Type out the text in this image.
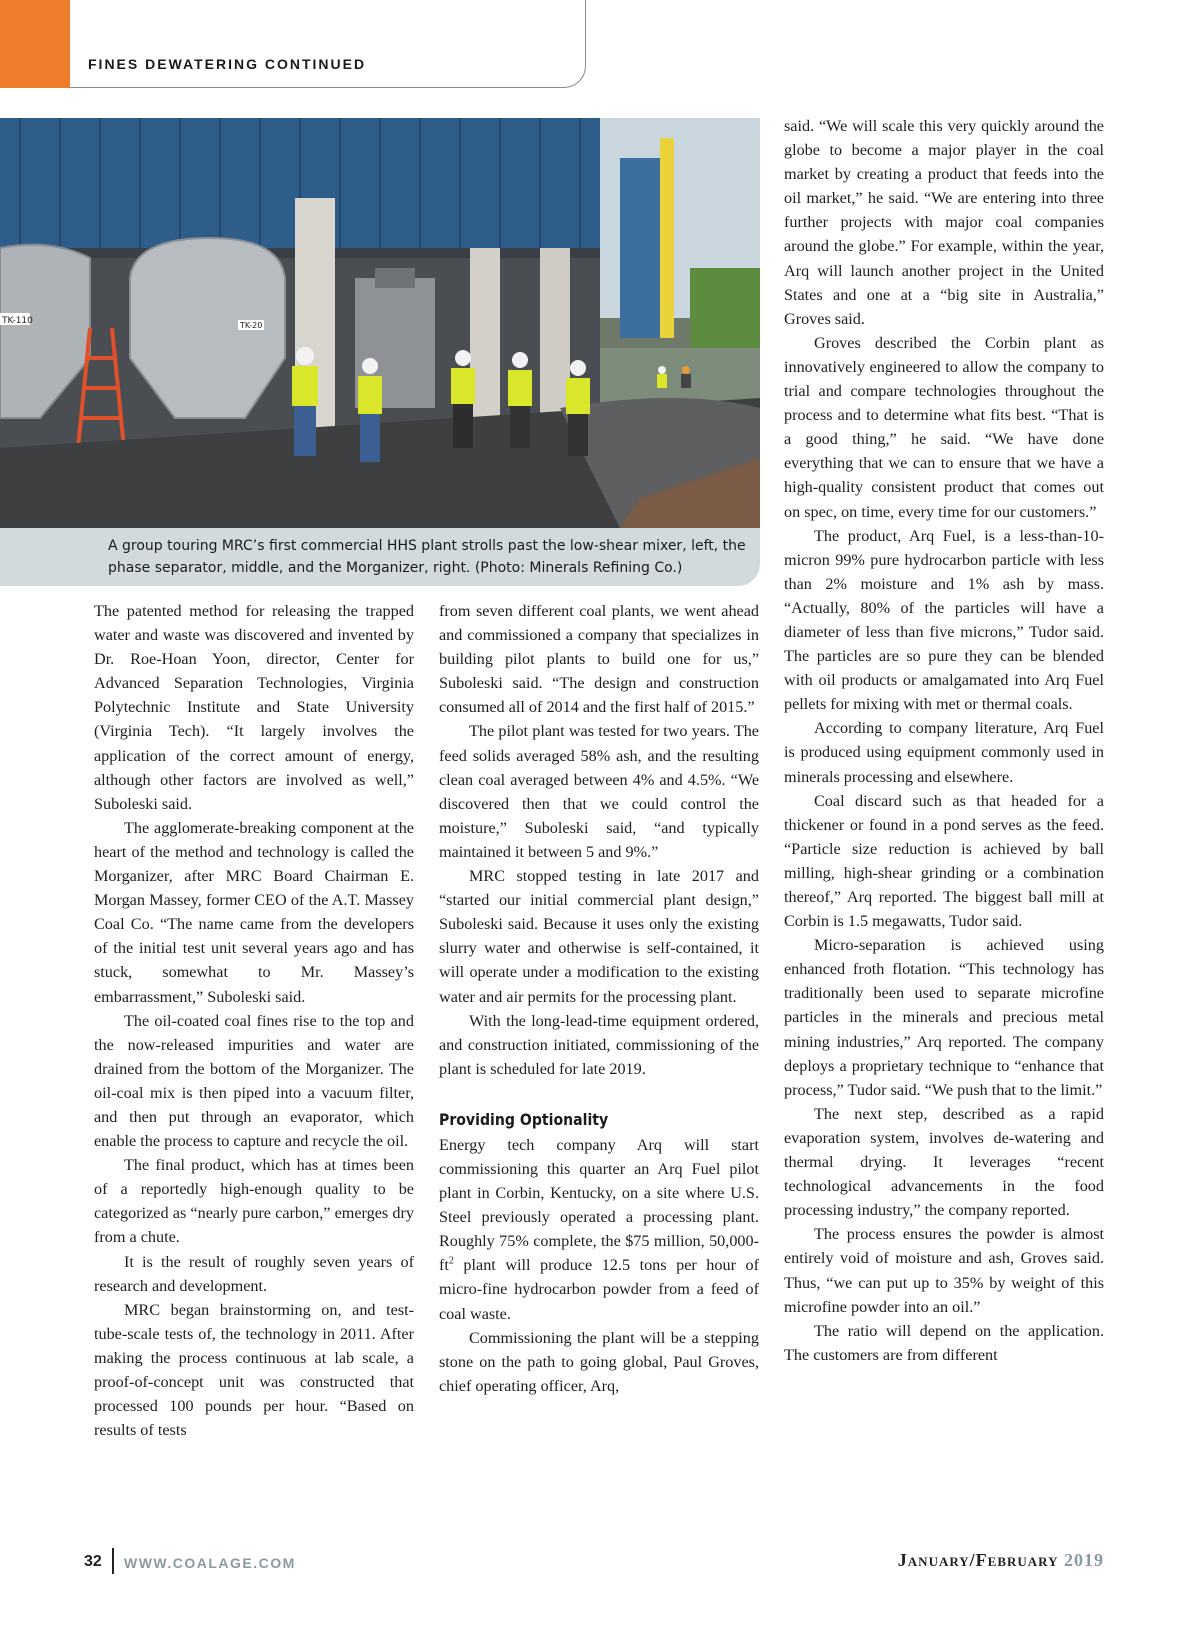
FINES DEWATERING CONTINUED
TK-110	TK-20

A group touring MRC’s first commercial HHS plant strolls past the low-shear mixer, left, the phase separator, middle, and the Morganizer, right. (Photo: Minerals Refining Co.)

The patented method for releasing the trapped water and waste was discovered and invented by Dr. Roe-Hoan Yoon, director, Center for Advanced Separation Technologies, Virginia Polytechnic Institute and State University (Virginia Tech). “It largely involves the application of the correct amount of energy, although other factors are involved as well,” Suboleski said.

The agglomerate-breaking component at the heart of the method and technology is called the Morganizer, after MRC Board Chairman E. Morgan Massey, former CEO of the A.T. Massey Coal Co. “The name came from the developers of the initial test unit several years ago and has stuck, somewhat to Mr. Massey’s embarrassment,” Suboleski said.

The oil-coated coal fines rise to the top and the now-released impurities and water are drained from the bottom of the Morganizer. The oil-coal mix is then piped into a vacuum filter, and then put through an evaporator, which enable the process to capture and recycle the oil.

The final product, which has at times been of a reportedly high-enough quality to be categorized as “nearly pure carbon,” emerges dry from a chute.

It is the result of roughly seven years of research and development.

MRC began brainstorming on, and test-tube-scale tests of, the technology in 2011. After making the process continuous at lab scale, a proof-of-concept unit was constructed that processed 100 pounds per hour. “Based on results of tests

from seven different coal plants, we went ahead and commissioned a company that specializes in building pilot plants to build one for us,” Suboleski said. “The design and construction consumed all of 2014 and the first half of 2015.”

The pilot plant was tested for two years. The feed solids averaged 58% ash, and the resulting clean coal averaged between 4% and 4.5%. “We discovered then that we could control the moisture,” Suboleski said, “and typically maintained it between 5 and 9%.”

MRC stopped testing in late 2017 and “started our initial commercial plant design,” Suboleski said. Because it uses only the existing slurry water and otherwise is self-contained, it will operate under a modification to the existing water and air permits for the processing plant.

With the long-lead-time equipment ordered, and construction initiated, commissioning of the plant is scheduled for late 2019.

Providing Optionality

Energy tech company Arq will start commissioning this quarter an Arq Fuel pilot plant in Corbin, Kentucky, on a site where U.S. Steel previously operated a processing plant. Roughly 75% complete, the $75 million, $50,000-ft^2$ plant will produce 12.5 tons per hour of micro-fine hydrocarbon powder from a feed of coal waste.

Commissioning the plant will be a stepping stone on the path to going global, Paul Groves, chief operating officer, Arq,

said. “We will scale this very quickly around the globe to become a major player in the coal market by creating a product that feeds into the oil market,” he said. “We are entering into three further projects with major coal companies around the globe.” For example, within the year, Arq will launch another project in the United States and one at a “big site in Australia,” Groves said.

Groves described the Corbin plant as innovatively engineered to allow the company to trial and compare technologies throughout the process and to determine what fits best. “That is a good thing,” he said. “We have done everything that we can to ensure that we have a high-quality consistent product that comes out on spec, on time, every time for our customers.”

The product, Arq Fuel, is a less-than-10-micron 99% pure hydrocarbon particle with less than 2% moisture and 1% ash by mass. “Actually, 80% of the particles will have a diameter of less than five microns,” Tudor said. The particles are so pure they can be blended with oil products or amalgamated into Arq Fuel pellets for mixing with met or thermal coals.

According to company literature, Arq Fuel is produced using equipment commonly used in minerals processing and elsewhere.

Coal discard such as that headed for a thickener or found in a pond serves as the feed. “Particle size reduction is achieved by ball milling, high-shear grinding or a combination thereof,” Arq reported. The biggest ball mill at Corbin is 1.5 megawatts, Tudor said.

Micro-separation is achieved using enhanced froth flotation. “This technology has traditionally been used to separate microfine particles in the minerals and precious metal mining industries,” Arq reported. The company deploys a proprietary technique to “enhance that process,” Tudor said. “We push that to the limit.”

The next step, described as a rapid evaporation system, involves de-watering and thermal drying. It leverages “recent technological advancements in the food processing industry,” the company reported.

The process ensures the powder is almost entirely void of moisture and ash, Groves said. Thus, “we can put up to 35% by weight of this microfine powder into an oil.”

The ratio will depend on the application. The customers are from different

32 WWW.COALAGE.COM	January/February 2019
